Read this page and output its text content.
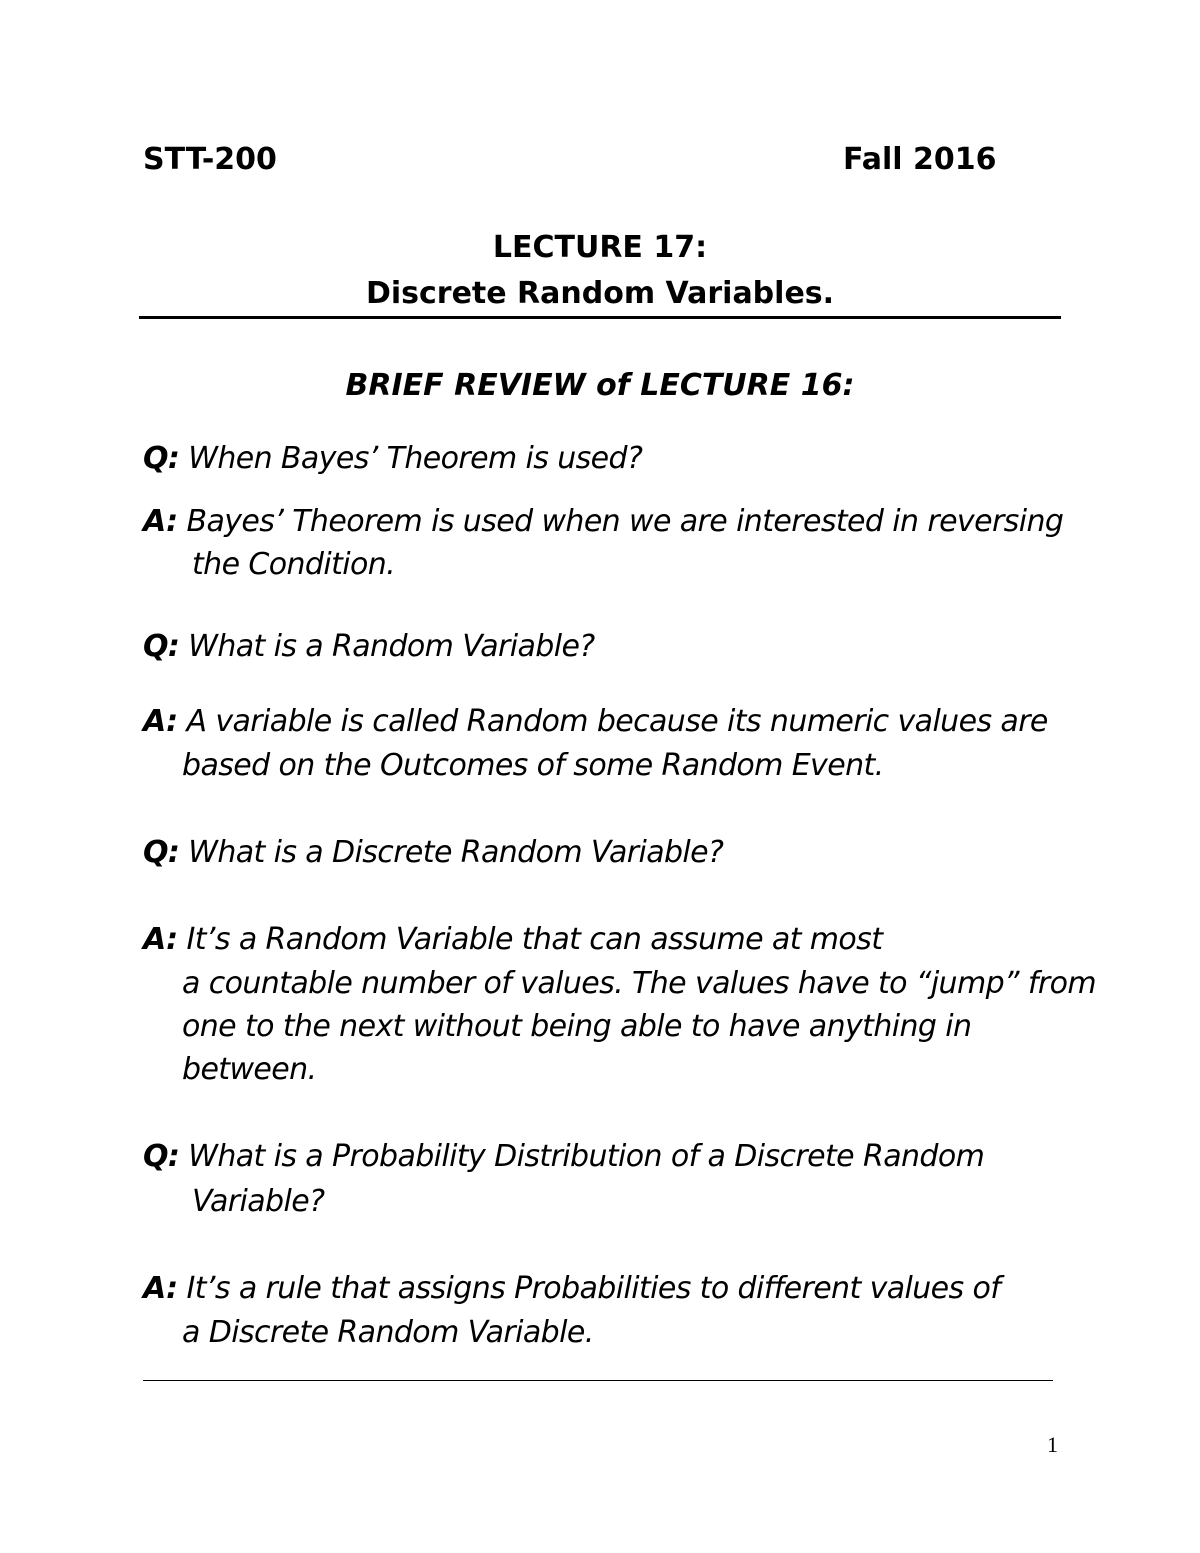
STT-200	Fall 2016
LECTURE 17:
Discrete Random Variables.
BRIEF REVIEW of LECTURE 16:
Q: When Bayes’ Theorem is used?
A: Bayes’ Theorem is used when we are interested in reversing
the Condition.
Q: What is a Random Variable?
A: A variable is called Random because its numeric values are
based on the Outcomes of some Random Event.
Q: What is a Discrete Random Variable?
A: It’s a Random Variable that can assume at most
a countable number of values. The values have to “jump” from
one to the next without being able to have anything in
between.
Q: What is a Probability Distribution of a Discrete Random
Variable?
A: It’s a rule that assigns Probabilities to different values of
a Discrete Random Variable.
1
